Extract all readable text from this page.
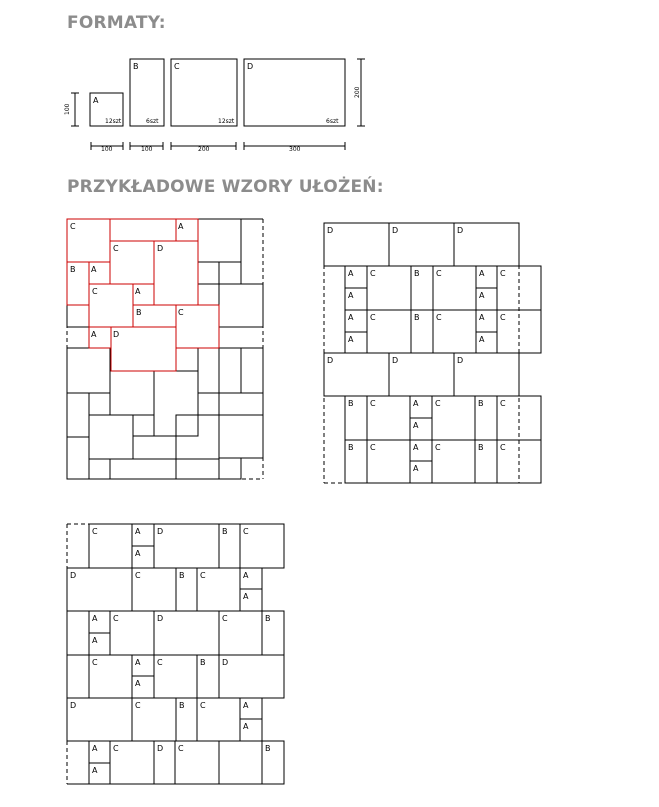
FORMATY:
PRZYKŁADOWE WZORY UŁOŻEŃ:
A
12szt
B
6szt
C
12szt
D
6szt
100	100	200	300
100
200
C	A
C	D
B A
C	A
B	C
A D
D	D	D
A C	B C	A C
A	A
A C	B C	A C
A	A
D	D	D
B C	A C	B C
A
B C	A C	B C
A
C	A D	B C
A
D	C	B C	A
A
A C	D	C	B
A
C	A C	B D
A
D	C	B C	A
A
A C	D C	B
A
